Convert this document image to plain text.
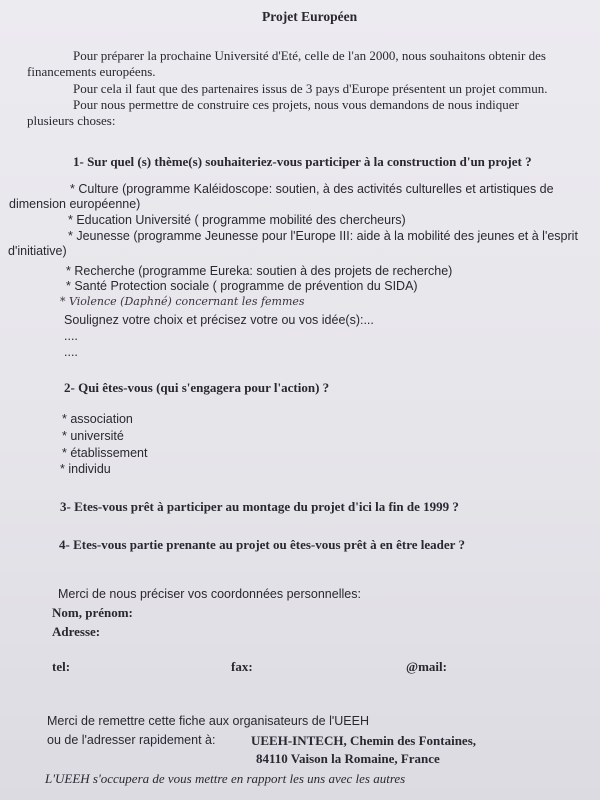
Projet Européen
Pour préparer la prochaine Université d'Eté, celle de l'an 2000, nous souhaitons obtenir des
financements européens.
Pour cela il faut que des partenaires issus de 3 pays d'Europe présentent un projet commun.
Pour nous permettre de construire ces projets, nous vous demandons de nous indiquer
plusieurs choses:
1- Sur quel (s) thème(s) souhaiteriez-vous participer à la construction d'un projet ?
* Culture (programme Kaléidoscope: soutien, à des activités culturelles et artistiques de
dimension européenne)
* Education Université ( programme mobilité des chercheurs)
* Jeunesse (programme Jeunesse pour l'Europe III: aide à la mobilité des jeunes et à l'esprit
d'initiative)
* Recherche (programme Eureka: soutien à des projets de recherche)
* Santé Protection sociale ( programme de prévention du SIDA)
* Violence (Daphné) concernant les femmes
Soulignez votre choix et précisez votre ou vos idée(s):...
....
....
2- Qui êtes-vous (qui s'engagera pour l'action) ?
* association
* université
* établissement
* individu
3- Etes-vous prêt à participer au montage du projet d'ici la fin de 1999 ?
4- Etes-vous partie prenante au projet ou êtes-vous prêt à en être leader ?
Merci de nous préciser vos coordonnées personnelles:
Nom, prénom:
Adresse:
tel:	fax:	@mail:
Merci de remettre cette fiche aux organisateurs de l'UEEH
ou de l'adresser rapidement à:	UEEH-INTECH, Chemin des Fontaines,
84110 Vaison la Romaine, France
L'UEEH s'occupera de vous mettre en rapport les uns avec les autres
